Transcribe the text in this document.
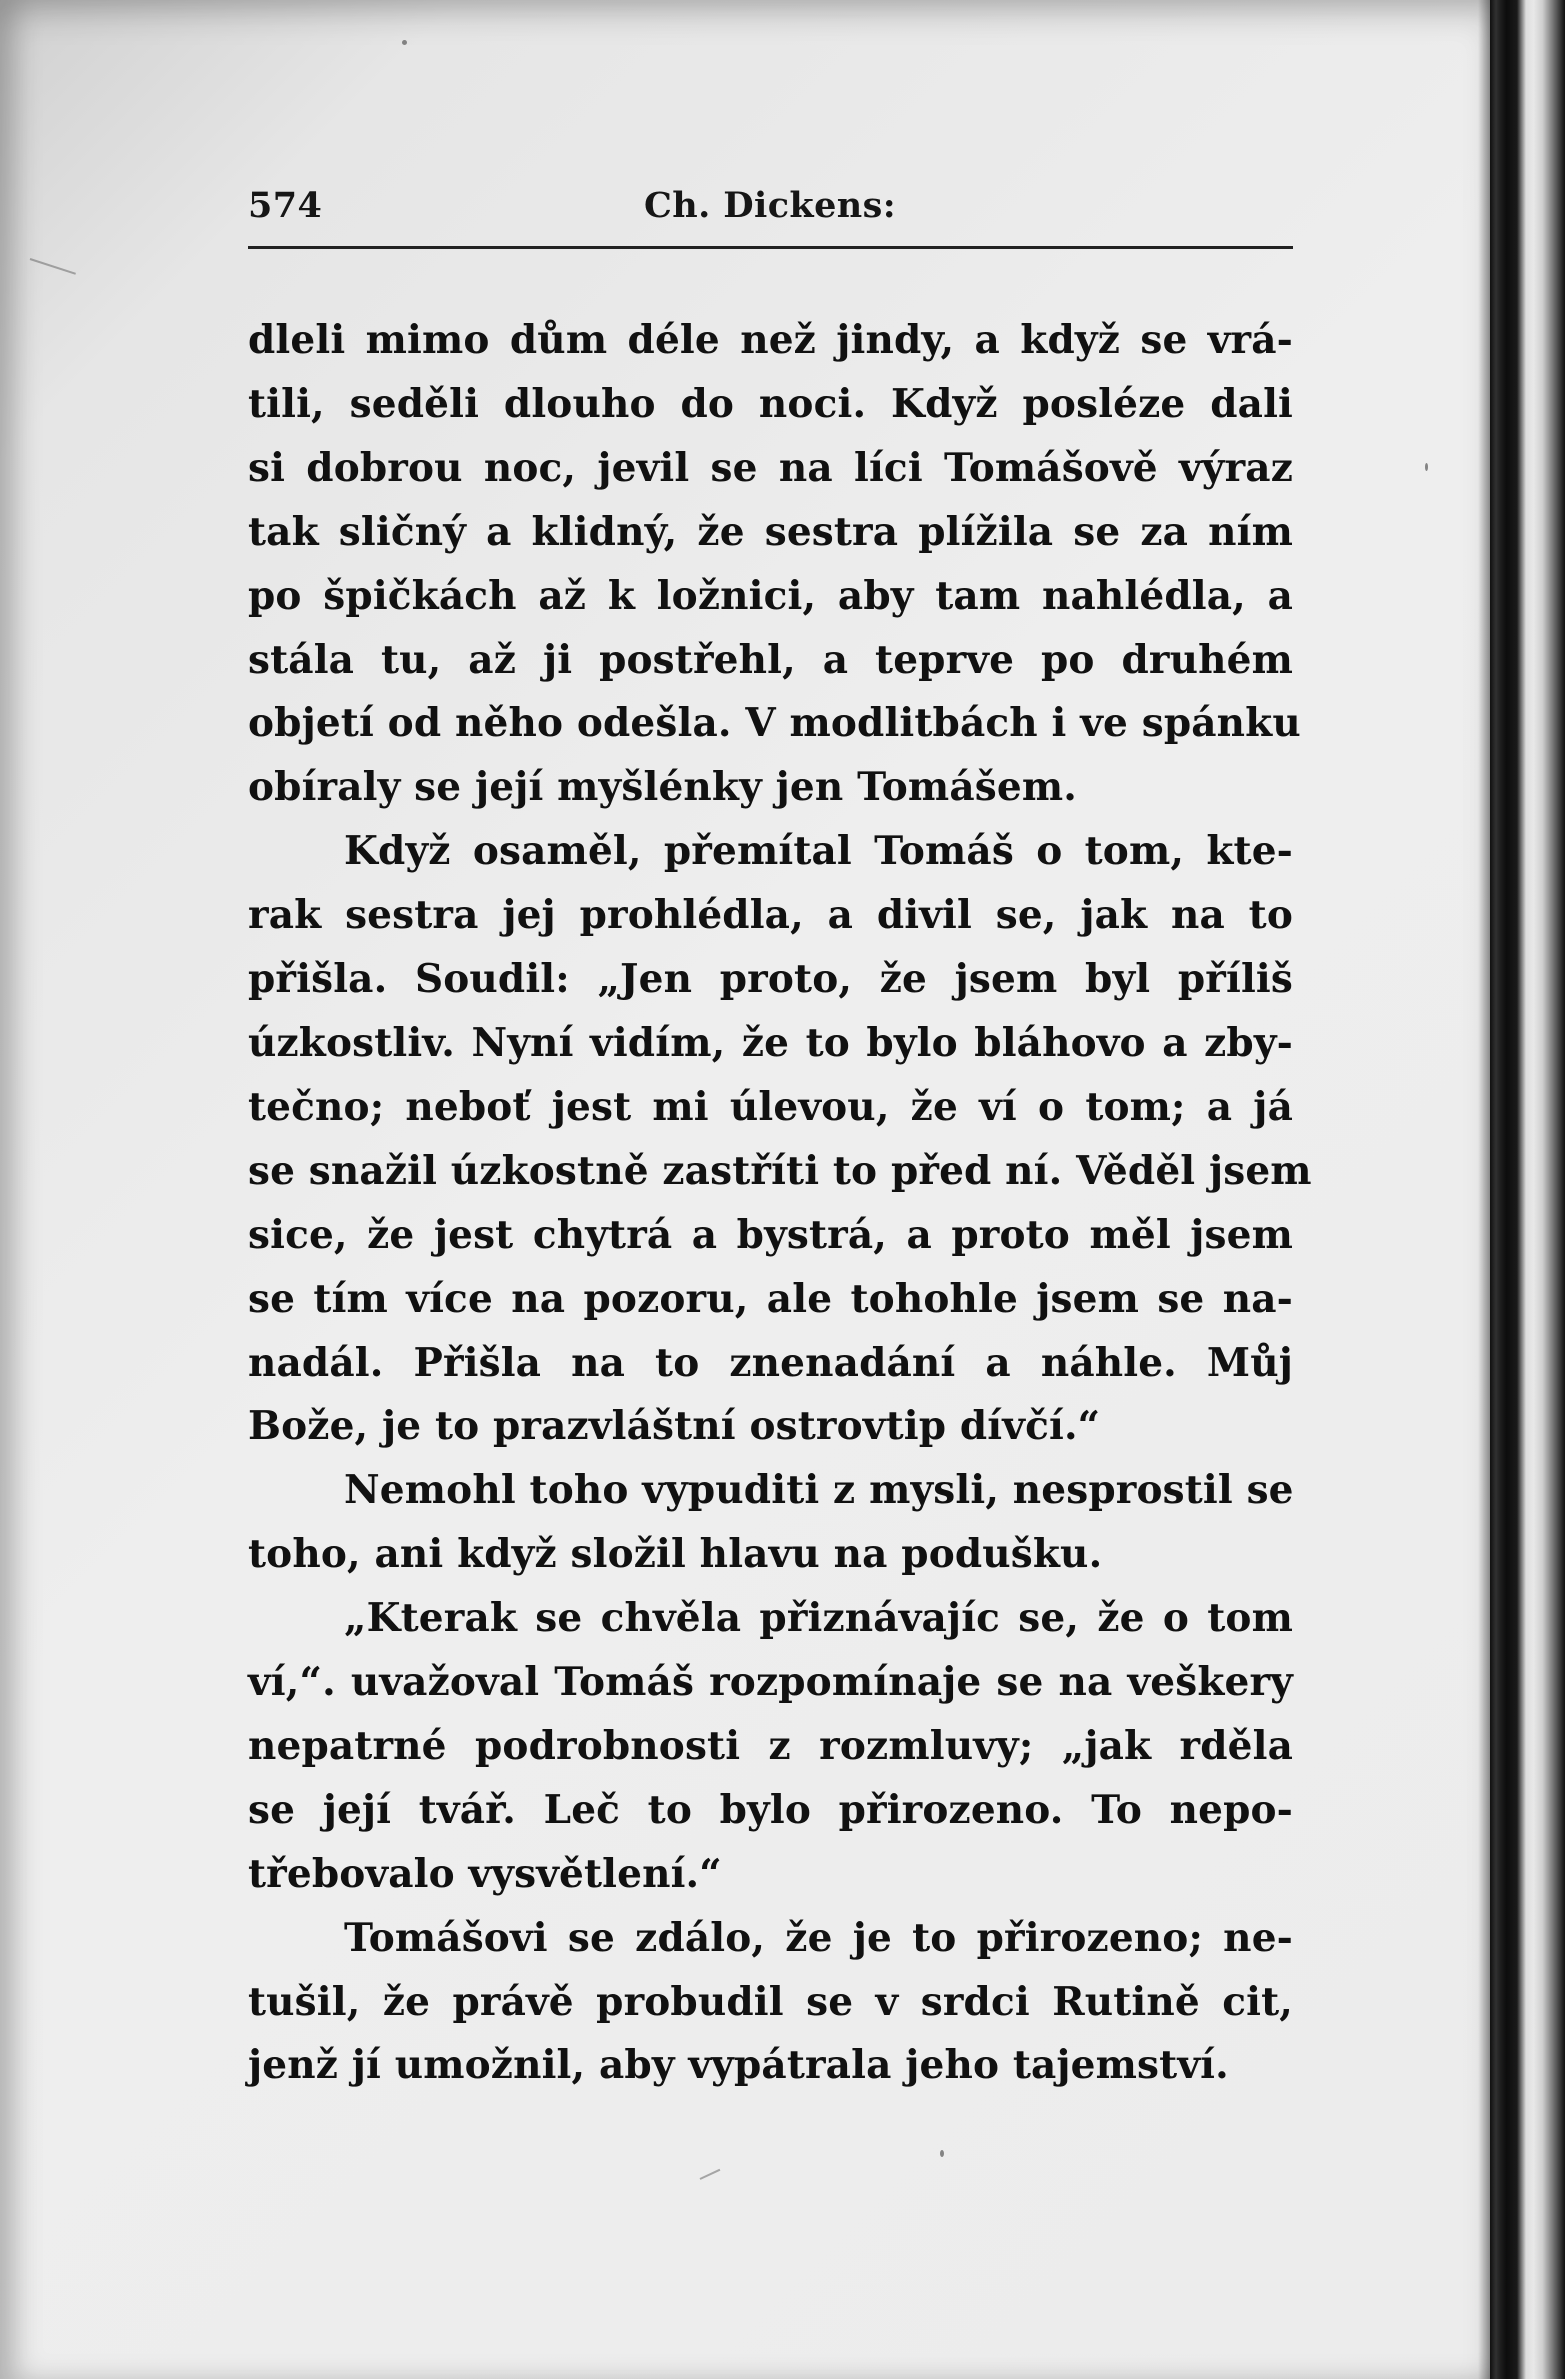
574	Ch. Dickens:
dleli mimo dům déle než jindy, a když se vrá-
tili, seděli dlouho do noci. Když posléze dali
si dobrou noc, jevil se na líci Tomášově výraz
tak sličný a klidný, že sestra plížila se za ním
po špičkách až k ložnici, aby tam nahlédla, a
stála tu, až ji postřehl, a teprve po druhém
objetí od něho odešla. V modlitbách i ve spánku
obíraly se její myšlénky jen Tomášem.
Když osaměl, přemítal Tomáš o tom, kte-
rak sestra jej prohlédla, a divil se, jak na to
přišla. Soudil: „Jen proto, že jsem byl příliš
úzkostliv. Nyní vidím, že to bylo bláhovo a zby-
tečno; neboť jest mi úlevou, že ví o tom; a já
se snažil úzkostně zastříti to před ní. Věděl jsem
sice, že jest chytrá a bystrá, a proto měl jsem
se tím více na pozoru, ale tohohle jsem se na-
nadál. Přišla na to znenadání a náhle. Můj
Bože, je to prazvláštní ostrovtip dívčí.“
Nemohl toho vypuditi z mysli, nesprostil se
toho, ani když složil hlavu na podušku.
„Kterak se chvěla přiznávajíc se, že o tom
ví,“. uvažoval Tomáš rozpomínaje se na veškery
nepatrné podrobnosti z rozmluvy; „jak rděla
se její tvář. Leč to bylo přirozeno. To nepo-
třebovalo vysvětlení.“
Tomášovi se zdálo, že je to přirozeno; ne-
tušil, že právě probudil se v srdci Rutině cit,
jenž jí umožnil, aby vypátrala jeho tajemství.
